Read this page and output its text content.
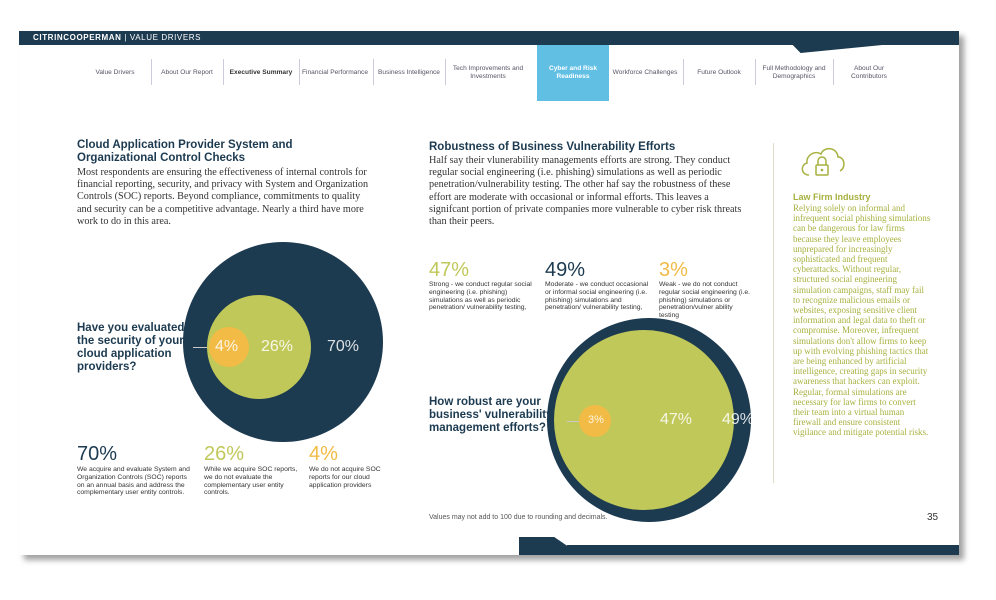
CITRINCOOPERMAN | VALUE DRIVERS
Value Drivers	About Our Report	Executive Summary	Financial Performance	Business Intelligence
Tech Improvements and Investments
Cyber and Risk Readiness
Workforce Challenges	Future Outlook
Full Methodology and Demographics
About Our Contributors
Cloud Application Provider System and Organizational Control Checks
Most respondents are ensuring the effectiveness of internal controls for financial reporting, security, and privacy with System and Organization Controls (SOC) reports. Beyond compliance, commitments to quality and security can be a competitive advantage. Nearly a third have more work to do in this area.
Have you evaluated the security of your cloud application providers?
4% 26% 70%
70%
We acquire and evaluate System and Organization Controls (SOC) reports on an annual basis and address the complementary user entity controls.
26%
While we acquire SOC reports, we do not evaluate the complementary user entity controls.
4%
We do not acquire SOC reports for our cloud application providers
Robustness of Business Vulnerability Efforts
Half say their vlunerability managements efforts are strong. They conduct regular social engineering (i.e. phishing) simulations as well as periodic penetration/vulnerability testing. The other haf say the robustness of these effort are moderate with occasional or informal efforts. This leaves a signifcant portion of private companies more vulnerable to cyber risk threats than their peers.
47%
Strong - we conduct regular social engineering (i.e. phishing) simulations as well as periodic penetration/ vulnerability testing,
49%
Moderate - we conduct occasional or informal social engineering (i.e. phishing) simulations and penetration/ vulnerability testing,
3%
Weak - we do not conduct regular social engineering (i.e. phishing) simulations or penetration/vulner ability testing
How robust are your business' vulnerability management efforts?
3%	47% 49%
Values may not add to 100 due to rounding and decimals.
Law Firm Industry
Relying solely on informal and infrequent social phishing simulations can be dangerous for law firms because they leave employees unprepared for increasingly sophisticated and frequent cyberattacks. Without regular, structured social engineering simulation campaigns, staff may fail to recognize malicious emails or websites, exposing sensitive client information and legal data to theft or compromise. Moreover, infrequent simulations don't allow firms to keep up with evolving phishing tactics that are being enhanced by artificial intelligence, creating gaps in security awareness that hackers can exploit. Regular, formal simulations are necessary for law firms to convert their team into a virtual human firewall and ensure consistent vigilance and mitigate potential risks.
35
